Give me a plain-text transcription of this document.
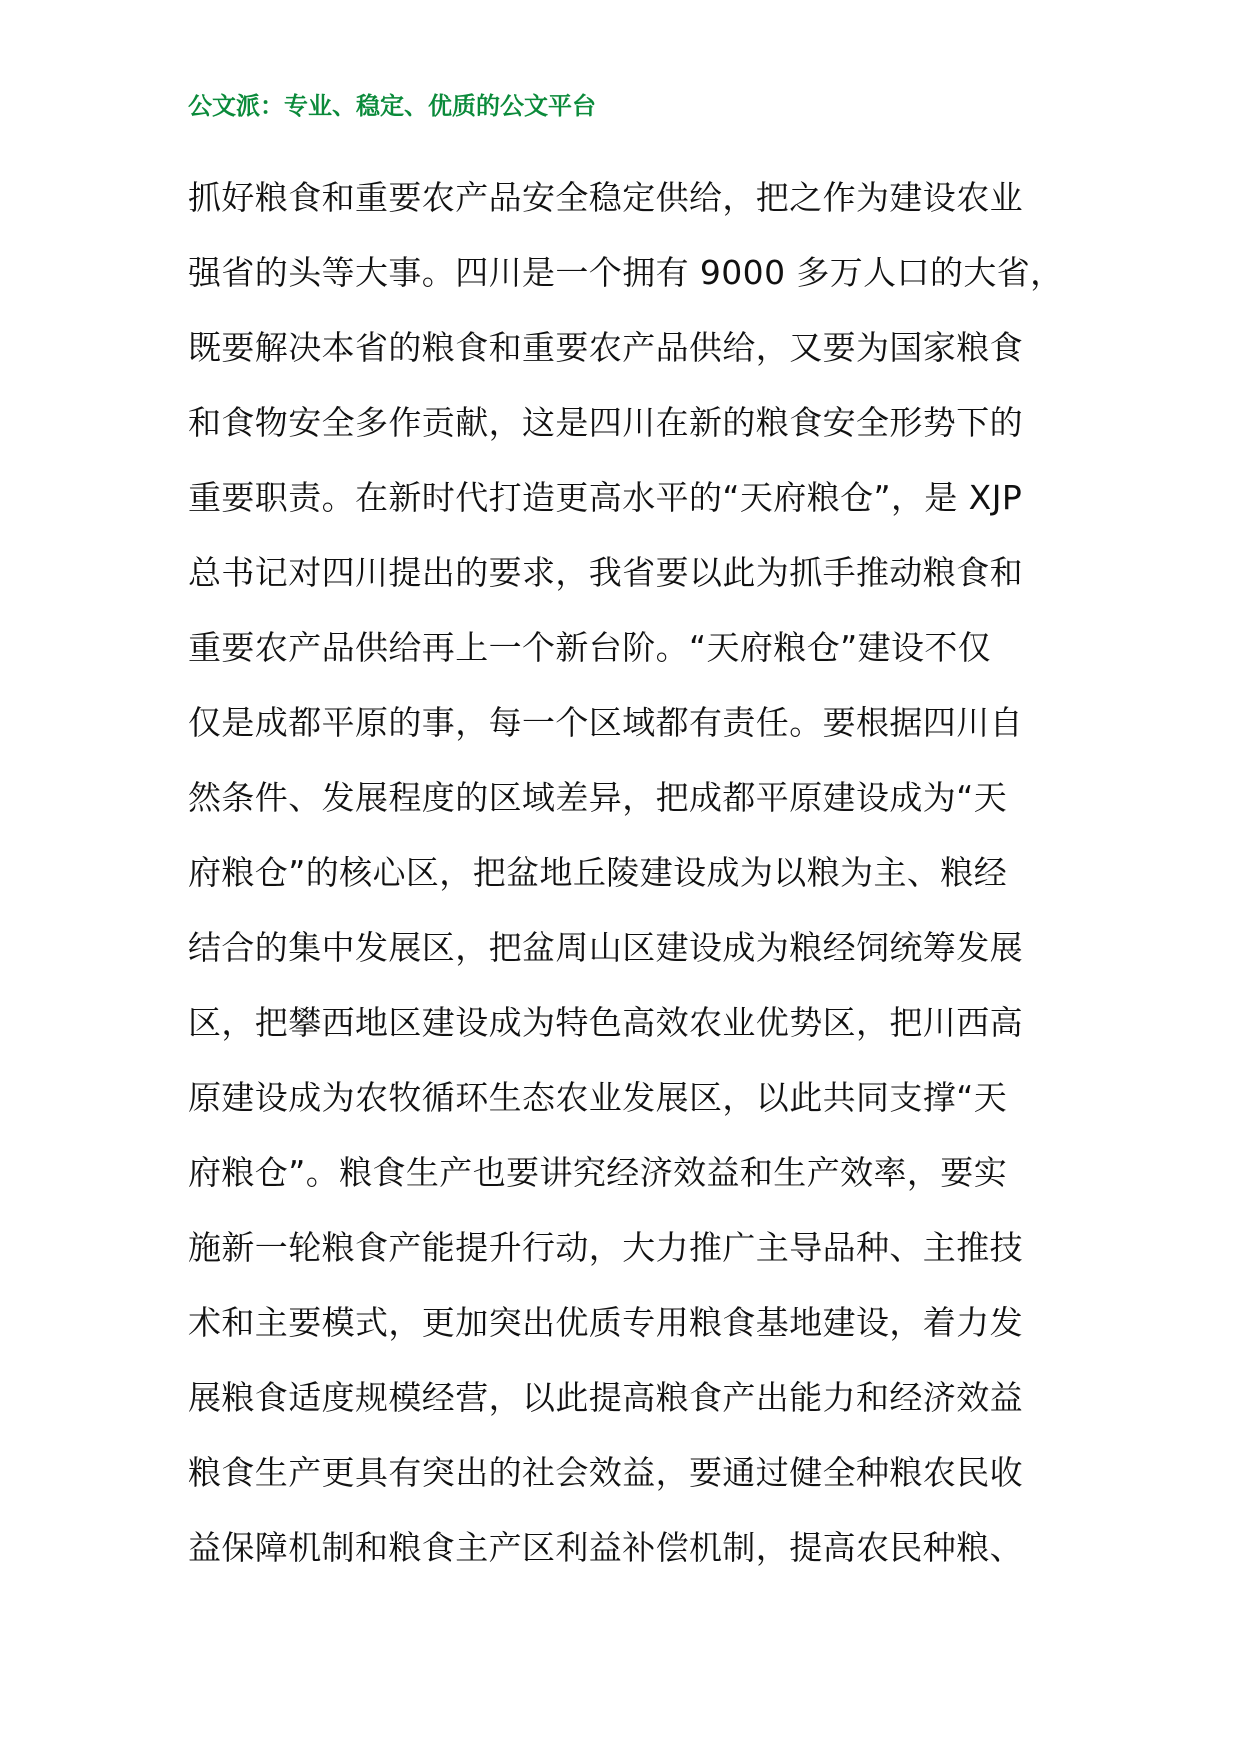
公文派：专业、稳定、优质的公文平台
抓好粮食和重要农产品安全稳定供给，把之作为建设农业
强省的头等大事。四川是一个拥有 9000 多万人口的大省，
既要解决本省的粮食和重要农产品供给，又要为国家粮食
和食物安全多作贡献，这是四川在新的粮食安全形势下的
重要职责。在新时代打造更高水平的“天府粮仓”，是 XJP
总书记对四川提出的要求，我省要以此为抓手推动粮食和
重要农产品供给再上一个新台阶。“天府粮仓”建设不仅
仅是成都平原的事，每一个区域都有责任。要根据四川自
然条件、发展程度的区域差异，把成都平原建设成为“天
府粮仓”的核心区，把盆地丘陵建设成为以粮为主、粮经
结合的集中发展区，把盆周山区建设成为粮经饲统筹发展
区，把攀西地区建设成为特色高效农业优势区，把川西高
原建设成为农牧循环生态农业发展区，以此共同支撑“天
府粮仓”。粮食生产也要讲究经济效益和生产效率，要实
施新一轮粮食产能提升行动，大力推广主导品种、主推技
术和主要模式，更加突出优质专用粮食基地建设，着力发
展粮食适度规模经营，以此提高粮食产出能力和经济效益
粮食生产更具有突出的社会效益，要通过健全种粮农民收
益保障机制和粮食主产区利益补偿机制，提高农民种粮、
